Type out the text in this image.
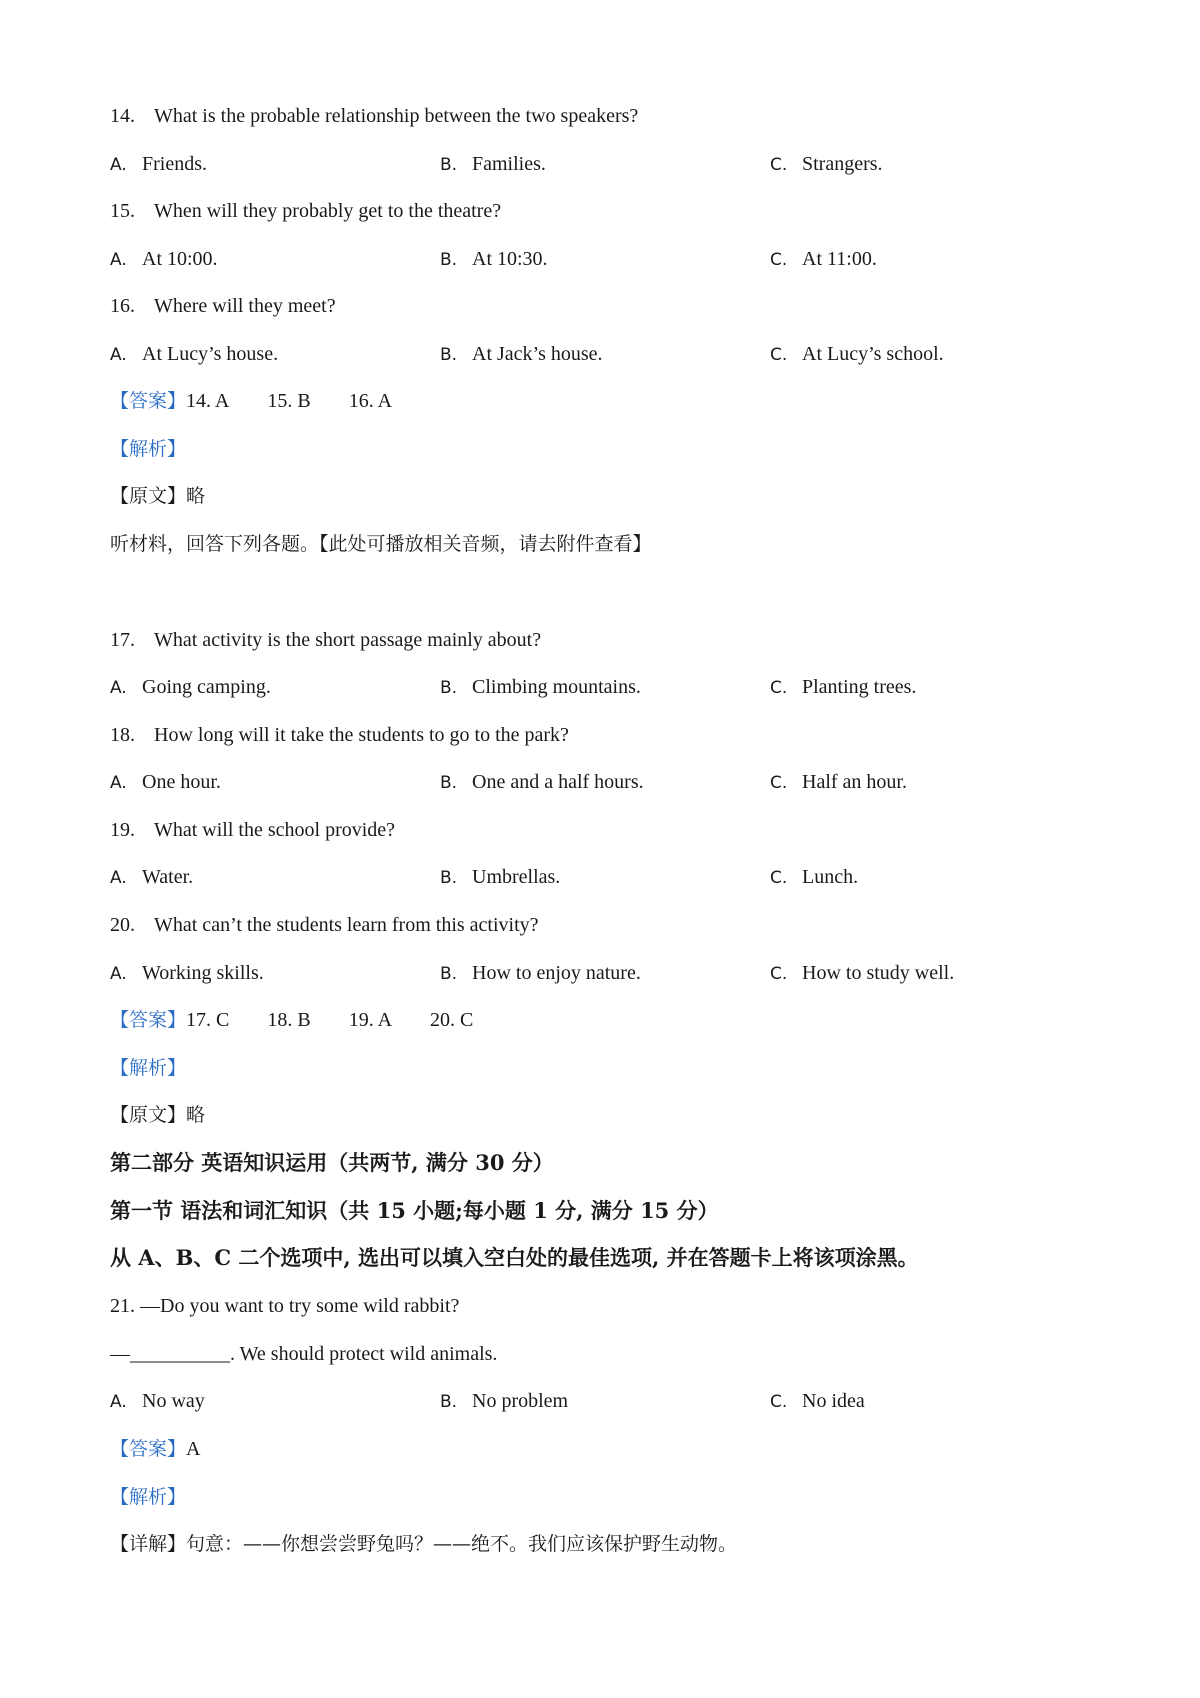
14. What is the probable relationship between the two speakers?
A. Friends.	B. Families.	C. Strangers.
15. When will they probably get to the theatre?
A. At 10:00.	B. At 10:30.	C. At 11:00.
16. Where will they meet?
A. At Lucy’s house.	B. At Jack’s house.	C. At Lucy’s school.
【答案】14. A 15. B 16. A
【解析】
【原文】略
听材料，回答下列各题。【此处可播放相关音频，请去附件查看】
17. What activity is the short passage mainly about?
A. Going camping.	B. Climbing mountains.	C. Planting trees.
18. How long will it take the students to go to the park?
A. One hour.	B. One and a half hours.	C. Half an hour.
19. What will the school provide?
A. Water.	B. Umbrellas.	C. Lunch.
20. What can’t the students learn from this activity?
A. Working skills.	B. How to enjoy nature.	C. How to study well.
【答案】17. C 18. B 19. A 20. C
【解析】
【原文】略
第二部分 英语知识运用（共两节, 满分 30 分）
第一节 语法和词汇知识（共 15 小题;每小题 1 分, 满分 15 分）
从 A、B、C 二个选项中, 选出可以填入空白处的最佳选项, 并在答题卡上将该项涂黑。
21. —Do you want to try some wild rabbit?
—__________. We should protect wild animals.
A. No way	B. No problem	C. No idea
【答案】A
【解析】
【详解】句意：——你想尝尝野兔吗？——绝不。我们应该保护野生动物。
